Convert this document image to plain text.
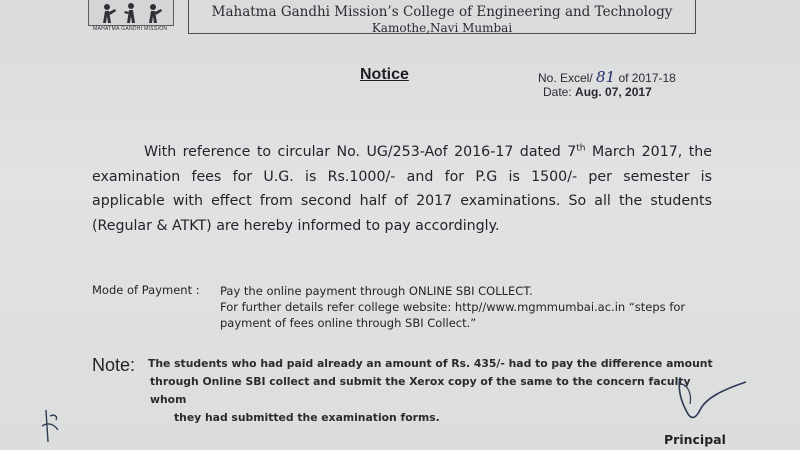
MAHATMA GANDHI MISSION
Mahatma Gandhi Mission’s College of Engineering and Technology
Kamothe,Navi Mumbai
Notice	No. Excel/ 81 of 2017-18
Date: Aug. 07, 2017
With reference to circular No. UG/253-Aof 2016-17 dated 7th March 2017, the
examination fees for U.G. is Rs.1000/- and for P.G is 1500/- per semester is
applicable with effect from second half of 2017 examinations. So all the students
(Regular & ATKT) are hereby informed to pay accordingly.
Mode of Payment : Pay the online payment through ONLINE SBI COLLECT.
For further details refer college website: http//www.mgmmumbai.ac.in “steps for
payment of fees online through SBI Collect.”
Note: The students who had paid already an amount of Rs. 435/- had to pay the difference amount
through Online SBI collect and submit the Xerox copy of the same to the concern faculty whom
they had submitted the examination forms.
Principal
